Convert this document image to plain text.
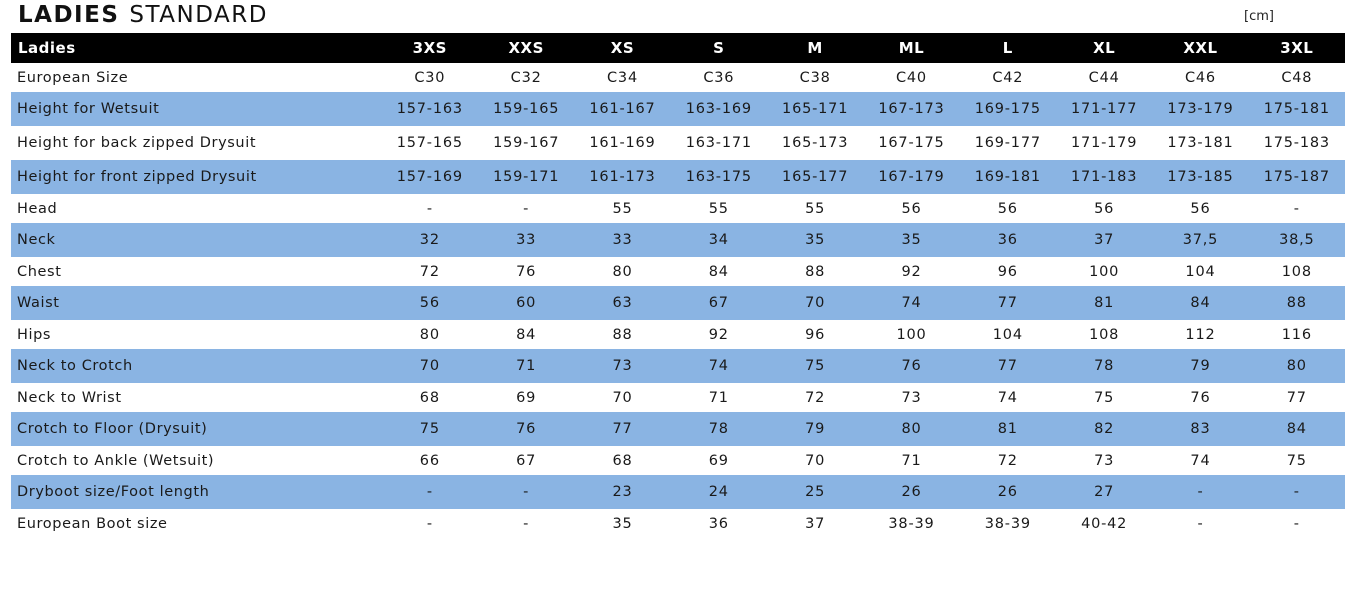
LADIES STANDARD	[cm]
Ladies	3XS	XXS	XS	S	M	ML	L	XL	XXL	3XL
European Size	C30	C32	C34	C36	C38	C40	C42	C44	C46	C48
Height for Wetsuit	157-163	159-165	161-167	163-169	165-171	167-173	169-175	171-177	173-179	175-181
Height for back zipped Drysuit	157-165	159-167	161-169	163-171	165-173	167-175	169-177	171-179	173-181	175-183
Height for front zipped Drysuit	157-169	159-171	161-173	163-175	165-177	167-179	169-181	171-183	173-185	175-187
Head	-	-	55	55	55	56	56	56	56	-
Neck	32	33	33	34	35	35	36	37	37,5	38,5
Chest	72	76	80	84	88	92	96	100	104	108
Waist	56	60	63	67	70	74	77	81	84	88
Hips	80	84	88	92	96	100	104	108	112	116
Neck to Crotch	70	71	73	74	75	76	77	78	79	80
Neck to Wrist	68	69	70	71	72	73	74	75	76	77
Crotch to Floor (Drysuit)	75	76	77	78	79	80	81	82	83	84
Crotch to Ankle (Wetsuit)	66	67	68	69	70	71	72	73	74	75
Dryboot size/Foot length	-	-	23	24	25	26	26	27	-	-
European Boot size	-	-	35	36	37	38-39	38-39	40-42	-	-
